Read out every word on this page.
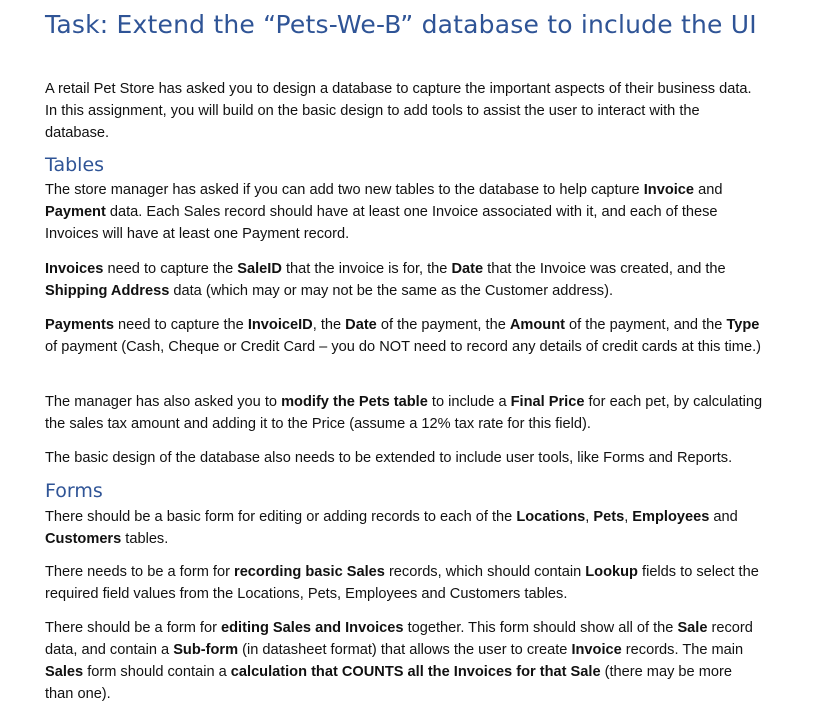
Task: Extend the “Pets-We-B” database to include the UI

A retail Pet Store has asked you to design a database to capture the important aspects of their business data. In this assignment, you will build on the basic design to add tools to assist the user to interact with the database.

Tables

The store manager has asked if you can add two new tables to the database to help capture Invoice and Payment data. Each Sales record should have at least one Invoice associated with it, and each of these Invoices will have at least one Payment record.

Invoices need to capture the SaleID that the invoice is for, the Date that the Invoice was created, and the Shipping Address data (which may or may not be the same as the Customer address).

Payments need to capture the InvoiceID, the Date of the payment, the Amount of the payment, and the Type of payment (Cash, Cheque or Credit Card – you do NOT need to record any details of credit cards at this time.)

The manager has also asked you to modify the Pets table to include a Final Price for each pet, by calculating the sales tax amount and adding it to the Price (assume a 12% tax rate for this field).

The basic design of the database also needs to be extended to include user tools, like Forms and Reports.

Forms

There should be a basic form for editing or adding records to each of the Locations, Pets, Employees and Customers tables.

There needs to be a form for recording basic Sales records, which should contain Lookup fields to select the required field values from the Locations, Pets, Employees and Customers tables.

There should be a form for editing Sales and Invoices together. This form should show all of the Sale record data, and contain a Sub-form (in datasheet format) that allows the user to create Invoice records. The main Sales form should contain a calculation that COUNTS all the Invoices for that Sale (there may be more than one).
